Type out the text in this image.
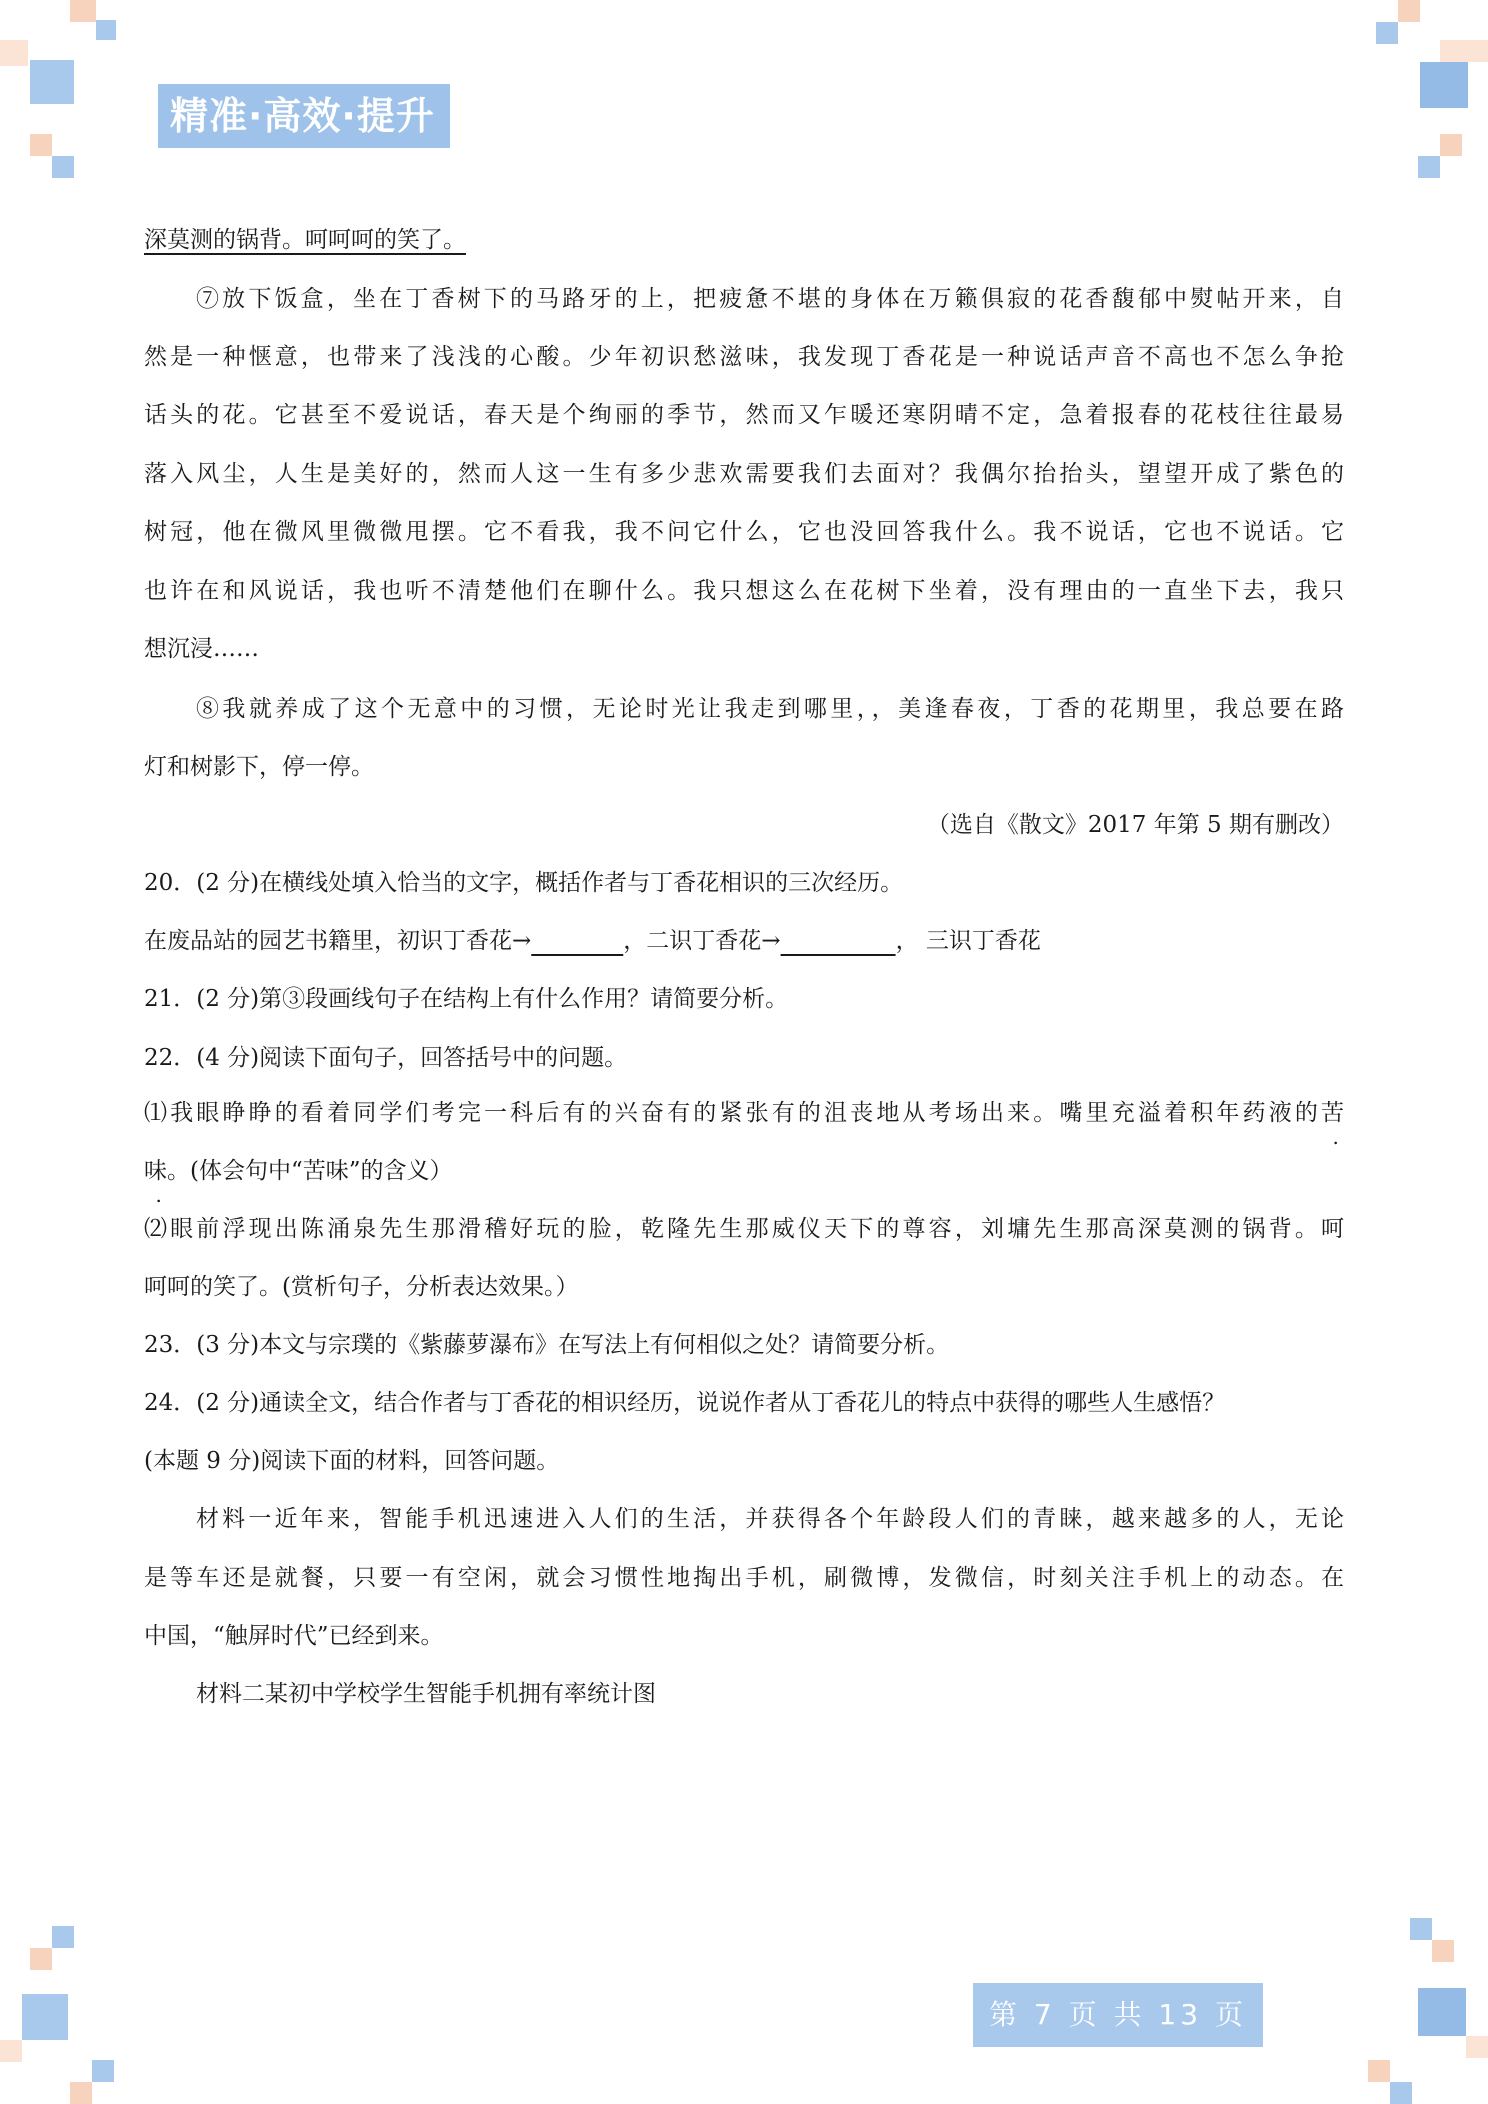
精准·高效·提升
深莫测的锅背。呵呵呵的笑了。
⑦放下饭盒，坐在丁香树下的马路牙的上，把疲惫不堪的身体在万籁俱寂的花香馥郁中熨帖开来，自
然是一种惬意，也带来了浅浅的心酸。少年初识愁滋味，我发现丁香花是一种说话声音不高也不怎么争抢
话头的花。它甚至不爱说话，春天是个绚丽的季节，然而又乍暖还寒阴晴不定，急着报春的花枝往往最易
落入风尘，人生是美好的，然而人这一生有多少悲欢需要我们去面对？我偶尔抬抬头，望望开成了紫色的
树冠，他在微风里微微甩摆。它不看我，我不问它什么，它也没回答我什么。我不说话，它也不说话。它
也许在和风说话，我也听不清楚他们在聊什么。我只想这么在花树下坐着，没有理由的一直坐下去，我只
想沉浸……
⑧我就养成了这个无意中的习惯，无论时光让我走到哪里，，美逢春夜，丁香的花期里，我总要在路
灯和树影下，停一停。
（选自《散文》2017 年第 5 期有删改）
20．(2 分)在横线处填入恰当的文字，概括作者与丁香花相识的三次经历。
在废品站的园艺书籍里，初识丁香花→　　　　	，二识丁香花→　　　　　	， 三识丁香花
21．(2 分)第③段画线句子在结构上有什么作用？请简要分析。
22．(4 分)阅读下面句子，回答括号中的问题。
⑴我眼睁睁的看着同学们考完一科后有的兴奋有的紧张有的沮丧地从考场出来。嘴里充溢着积年药液的苦
味。(体会句中“苦味”的含义）
⑵眼前浮现出陈涌泉先生那滑稽好玩的脸，乾隆先生那威仪天下的尊容，刘墉先生那高深莫测的锅背。呵
呵呵的笑了。(赏析句子，分析表达效果。）
23．(3 分)本文与宗璞的《紫藤萝瀑布》在写法上有何相似之处？请简要分析。
24．(2 分)通读全文，结合作者与丁香花的相识经历，说说作者从丁香花儿的特点中获得的哪些人生感悟？
(本题 9 分)阅读下面的材料，回答问题。
材料一近年来，智能手机迅速进入人们的生活，并获得各个年龄段人们的青睐，越来越多的人，无论
是等车还是就餐，只要一有空闲，就会习惯性地掏出手机，刷微博，发微信，时刻关注手机上的动态。在
中国，“触屏时代”已经到来。
材料二某初中学校学生智能手机拥有率统计图
第 7 页 共 13 页
